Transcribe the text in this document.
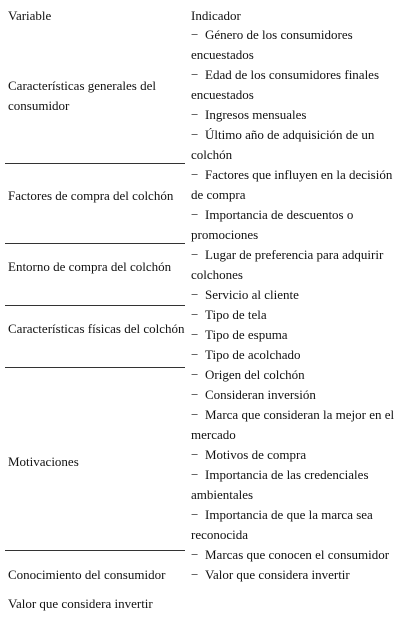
Variable	Indicador
Características generales del consumidor
Factores de compra del colchón
Entorno de compra del colchón
Características físicas del colchón
Motivaciones
Conocimiento del consumidor
Valor que considera invertir
− Género de los consumidores encuestados
− Edad de los consumidores finales encuestados
− Ingresos mensuales
− Último año de adquisición de un colchón
− Factores que influyen en la decisión de compra
− Importancia de descuentos o promociones
− Lugar de preferencia para adquirir colchones
− Servicio al cliente
− Tipo de tela
− Tipo de espuma
− Tipo de acolchado
− Origen del colchón
− Consideran inversión
− Marca que consideran la mejor en el mercado
− Motivos de compra
− Importancia de las credenciales ambientales
− Importancia de que la marca sea reconocida
− Marcas que conocen el consumidor
− Valor que considera invertir
